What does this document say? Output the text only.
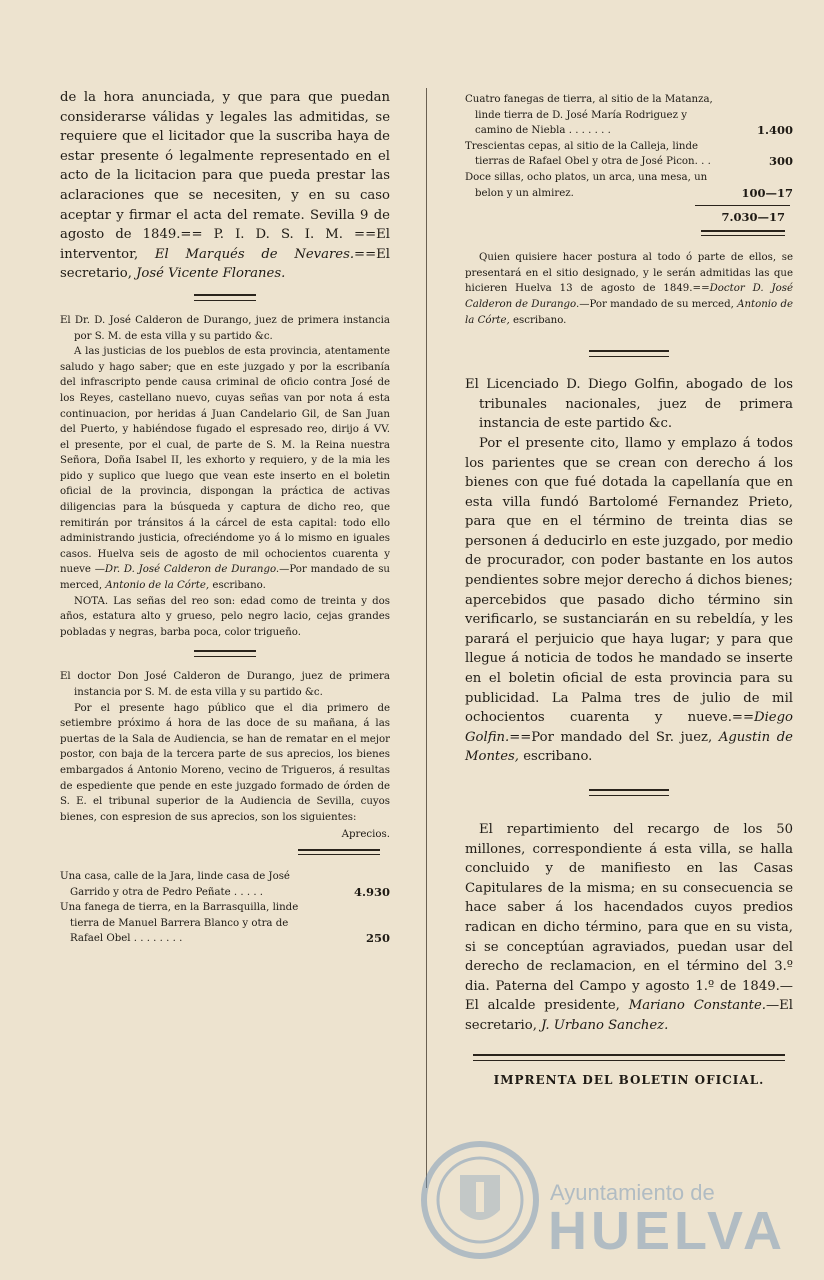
de la hora anunciada, y que para que puedan considerarse válidas y legales las admitidas, se requiere que el licitador que la suscriba haya de estar presente ó legalmente representado en el acto de la licitacion para que pueda prestar las aclaraciones que se necesiten, y en su caso aceptar y firmar el acta del remate. Sevilla 9 de agosto de 1849.== P. I. D. S. I. M. ==El interventor, El Marqués de Nevares.==El secretario, José Vicente Floranes.

El Dr. D. José Calderon de Durango, juez de primera instancia por S. M. de esta villa y su partido &c.

A las justicias de los pueblos de esta provincia, atentamente saludo y hago saber; que en este juzgado y por la escribanía del infrascripto pende causa criminal de oficio contra José de los Reyes, castellano nuevo, cuyas señas van por nota á esta continuacion, por heridas á Juan Candelario Gil, de San Juan del Puerto, y habiéndose fugado el espresado reo, dirijo á VV. el presente, por el cual, de parte de S. M. la Reina nuestra Señora, Doña Isabel II, les exhorto y requiero, y de la mia les pido y suplico que luego que vean este inserto en el boletin oficial de la provincia, dispongan la práctica de activas diligencias para la búsqueda y captura de dicho reo, que remitirán por tránsitos á la cárcel de esta capital: todo ello administrando justicia, ofreciéndome yo á lo mismo en iguales casos. Huelva seis de agosto de mil ochocientos cuarenta y nueve —Dr. D. José Calderon de Durango.—Por mandado de su merced, Antonio de la Córte, escribano.

NOTA. Las señas del reo son: edad como de treinta y dos años, estatura alto y grueso, pelo negro lacio, cejas grandes pobladas y negras, barba poca, color trigueño.

El doctor Don José Calderon de Durango, juez de primera instancia por S. M. de esta villa y su partido &c.

Por el presente hago público que el dia primero de setiembre próximo á hora de las doce de su mañana, á las puertas de la Sala de Audiencia, se han de rematar en el mejor postor, con baja de la tercera parte de sus aprecios, los bienes embargados á Antonio Moreno, vecino de Trigueros, á resultas de espediente que pende en este juzgado formado de órden de S. E. el tribunal superior de la Audiencia de Sevilla, cuyos bienes, con espresion de sus aprecios, son los siguientes:

Aprecios.

Una casa, calle de la Jara, linde casa de José Garrido y otra de Pedro Peñate . . . . .	4.930
Una fanega de tierra, en la Barrasquilla, linde tierra de Manuel Barrera Blanco y otra de Rafael Obel . . . . . . . .	250
Cuatro fanegas de tierra, al sitio de la Matanza, linde tierra de D. José María Rodriguez y camino de Niebla . . . . . . .	1.400
Trescientas cepas, al sitio de la Calleja, linde tierras de Rafael Obel y otra de José Picon. . .	300
Doce sillas, ocho platos, un arca, una mesa, un belon y un almirez.	100—17
7.030—17

Quien quisiere hacer postura al todo ó parte de ellos, se presentará en el sitio designado, y le serán admitidas las que hicieren Huelva 13 de agosto de 1849.==Doctor D. José Calderon de Durango.—Por mandado de su merced, Antonio de la Córte, escribano.

El Licenciado D. Diego Golfin, abogado de los tribunales nacionales, juez de primera instancia de este partido &c.

Por el presente cito, llamo y emplazo á todos los parientes que se crean con derecho á los bienes con que fué dotada la capellanía que en esta villa fundó Bartolomé Fernandez Prieto, para que en el término de treinta dias se personen á deducirlo en este juzgado, por medio de procurador, con poder bastante en los autos pendientes sobre mejor derecho á dichos bienes; apercebidos que pasado dicho término sin verificarlo, se sustanciarán en su rebeldía, y les parará el perjuicio que haya lugar; y para que llegue á noticia de todos he mandado se inserte en el boletin oficial de esta provincia para su publicidad. La Palma tres de julio de mil ochocientos cuarenta y nueve.==Diego Golfin.==Por mandado del Sr. juez, Agustin de Montes, escribano.

El repartimiento del recargo de los 50 millones, correspondiente á esta villa, se halla concluido y de manifiesto en las Casas Capitulares de la misma; en su consecuencia se hace saber á los hacendados cuyos predios radican en dicho término, para que en su vista, si se conceptúan agraviados, puedan usar del derecho de reclamacion, en el término del 3.º dia. Paterna del Campo y agosto 1.º de 1849.—El alcalde presidente, Mariano Constante.—El secretario, J. Urbano Sanchez.

IMPRENTA DEL BOLETIN OFICIAL.

Ayuntamiento de
HUELVA
